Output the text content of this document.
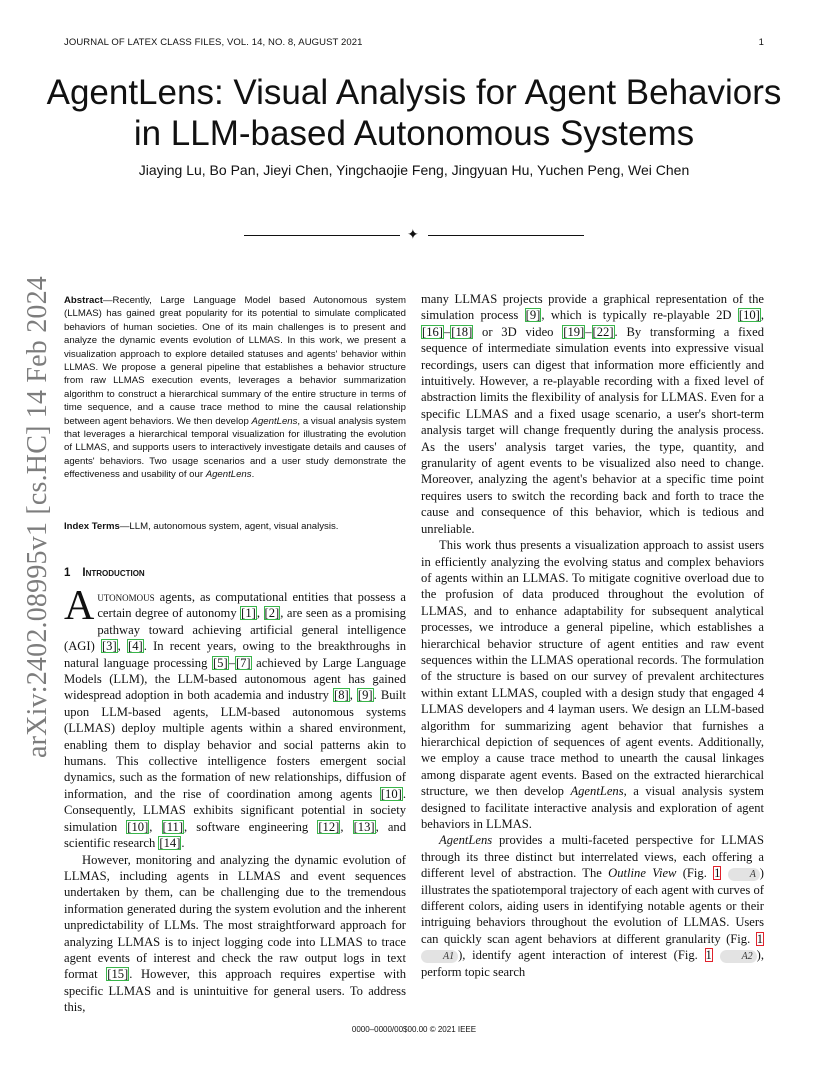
JOURNAL OF LATEX CLASS FILES, VOL. 14, NO. 8, AUGUST 2021	1
arXiv:2402.08995v1 [cs.HC] 14 Feb 2024
AgentLens: Visual Analysis for Agent Behaviors in LLM-based Autonomous Systems
Jiaying Lu, Bo Pan, Jieyi Chen, Yingchaojie Feng, Jingyuan Hu, Yuchen Peng, Wei Chen
✦
Abstract—Recently, Large Language Model based Autonomous system (LLMAS) has gained great popularity for its potential to simulate complicated behaviors of human societies. One of its main challenges is to present and analyze the dynamic events evolution of LLMAS. In this work, we present a visualization approach to explore detailed statuses and agents' behavior within LLMAS. We propose a general pipeline that establishes a behavior structure from raw LLMAS execution events, leverages a behavior summarization algorithm to construct a hierarchical summary of the entire structure in terms of time sequence, and a cause trace method to mine the causal relationship between agent behaviors. We then develop AgentLens, a visual analysis system that leverages a hierarchical temporal visualization for illustrating the evolution of LLMAS, and supports users to interactively investigate details and causes of agents' behaviors. Two usage scenarios and a user study demonstrate the effectiveness and usability of our AgentLens.
Index Terms—LLM, autonomous system, agent, visual analysis.
1 Introduction

Autonomous agents, as computational entities that possess a certain degree of autonomy [1], [2], are seen as a promising pathway toward achieving artificial general intelligence (AGI) [3], [4]. In recent years, owing to the breakthroughs in natural language processing [5]–[7] achieved by Large Language Models (LLM), the LLM-based autonomous agent has gained widespread adoption in both academia and industry [8], [9]. Built upon LLM-based agents, LLM-based autonomous systems (LLMAS) deploy multiple agents within a shared environment, enabling them to display behavior and social patterns akin to humans. This collective intelligence fosters emergent social dynamics, such as the formation of new relationships, diffusion of information, and the rise of coordination among agents [10]. Consequently, LLMAS exhibits significant potential in society simulation [10], [11], software engineering [12], [13], and scientific research [14].

However, monitoring and analyzing the dynamic evolution of LLMAS, including agents in LLMAS and event sequences undertaken by them, can be challenging due to the tremendous information generated during the system evolution and the inherent unpredictability of LLMs. The most straightforward approach for analyzing LLMAS is to inject logging code into LLMAS to trace agent events of interest and check the raw output logs in text format [15]. However, this approach requires expertise with specific LLMAS and is unintuitive for general users. To address this,

many LLMAS projects provide a graphical representation of the simulation process [9], which is typically re-playable 2D [10], [16]–[18] or 3D video [19]–[22]. By transforming a fixed sequence of intermediate simulation events into expressive visual recordings, users can digest that information more efficiently and intuitively. However, a re-playable recording with a fixed level of abstraction limits the flexibility of analysis for LLMAS. Even for a specific LLMAS and a fixed usage scenario, a user's short-term analysis target will change frequently during the analysis process. As the users' analysis target varies, the type, quantity, and granularity of agent events to be visualized also need to change. Moreover, analyzing the agent's behavior at a specific time point requires users to switch the recording back and forth to trace the cause and consequence of this behavior, which is tedious and unreliable.

This work thus presents a visualization approach to assist users in efficiently analyzing the evolving status and complex behaviors of agents within an LLMAS. To mitigate cognitive overload due to the profusion of data produced throughout the evolution of LLMAS, and to enhance adaptability for subsequent analytical processes, we introduce a general pipeline, which establishes a hierarchical behavior structure of agent entities and raw event sequences within the LLMAS operational records. The formulation of the structure is based on our survey of prevalent architectures within extant LLMAS, coupled with a design study that engaged 4 LLMAS developers and 4 layman users. We design an LLM-based algorithm for summarizing agent behavior that furnishes a hierarchical depiction of sequences of agent events. Additionally, we employ a cause trace method to unearth the causal linkages among disparate agent events. Based on the extracted hierarchical structure, we then develop AgentLens, a visual analysis system designed to facilitate interactive analysis and exploration of agent behaviors in LLMAS.

AgentLens provides a multi-faceted perspective for LLMAS through its three distinct but interrelated views, each offering a different level of abstraction. The Outline View (Fig. 1	A ) illustrates the spatiotemporal trajectory of each agent with curves of different colors, aiding users in identifying notable agents or their intriguing behaviors throughout the evolution of LLMAS. Users can quickly scan agent behaviors at different granularity (Fig. 1 A1 ), identify agent interaction of interest (Fig. 1	A2 ), perform topic search

0000–0000/00$00.00 © 2021 IEEE
